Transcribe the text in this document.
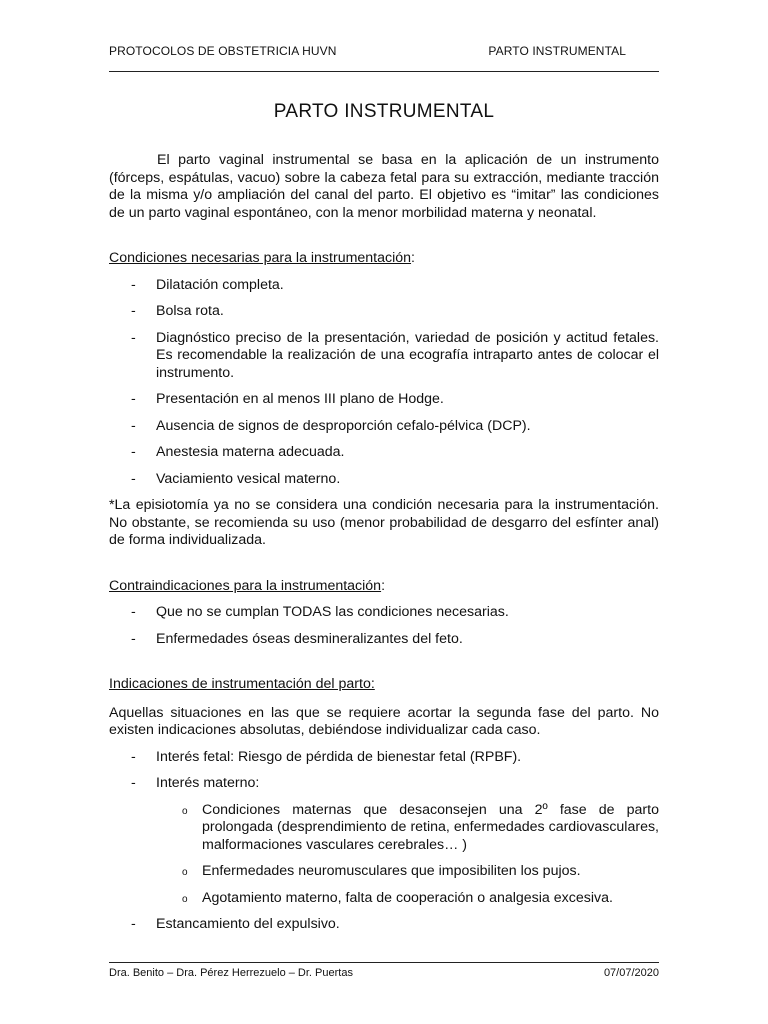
PROTOCOLOS DE OBSTETRICIA HUVN	PARTO INSTRUMENTAL
PARTO INSTRUMENTAL

El parto vaginal instrumental se basa en la aplicación de un instrumento (fórceps, espátulas, vacuo) sobre la cabeza fetal para su extracción, mediante tracción de la misma y/o ampliación del canal del parto. El objetivo es “imitar” las condiciones de un parto vaginal espontáneo, con la menor morbilidad materna y neonatal.

Condiciones necesarias para la instrumentación:

- Dilatación completa.
- Bolsa rota.
- Diagnóstico preciso de la presentación, variedad de posición y actitud fetales. Es recomendable la realización de una ecografía intraparto antes de colocar el instrumento.
- Presentación en al menos III plano de Hodge.
- Ausencia de signos de desproporción cefalo-pélvica (DCP).
- Anestesia materna adecuada.
- Vaciamiento vesical materno.

*La episiotomía ya no se considera una condición necesaria para la instrumentación. No obstante, se recomienda su uso (menor probabilidad de desgarro del esfínter anal) de forma individualizada.

Contraindicaciones para la instrumentación:

- Que no se cumplan TODAS las condiciones necesarias.
- Enfermedades óseas desmineralizantes del feto.

Indicaciones de instrumentación del parto:

Aquellas situaciones en las que se requiere acortar la segunda fase del parto. No existen indicaciones absolutas, debiéndose individualizar cada caso.

- Interés fetal: Riesgo de pérdida de bienestar fetal (RPBF).
- Interés materno:
o Condiciones maternas que desaconsejen una 2º fase de parto prolongada (desprendimiento de retina, enfermedades cardiovasculares, malformaciones vasculares cerebrales… )
o Enfermedades neuromusculares que imposibiliten los pujos.
o Agotamiento materno, falta de cooperación o analgesia excesiva.
- Estancamiento del expulsivo.
Dra. Benito – Dra. Pérez Herrezuelo – Dr. Puertas	07/07/2020
